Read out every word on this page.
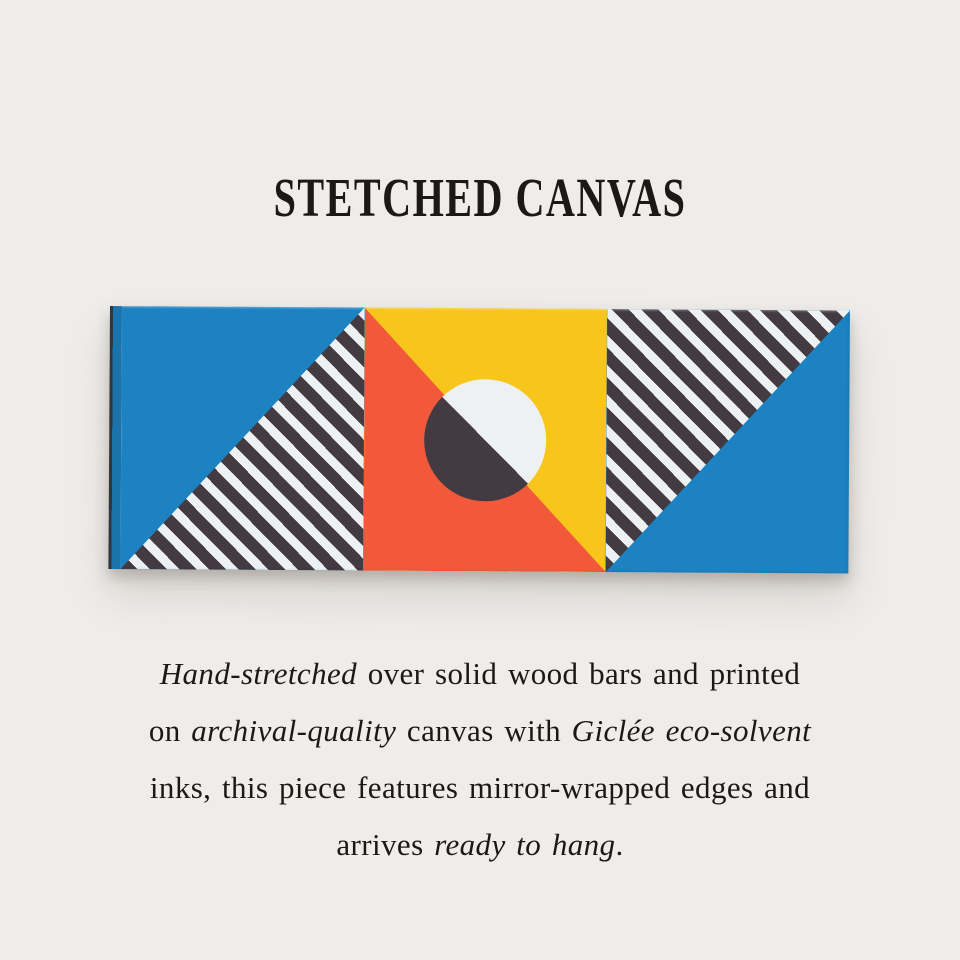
STETCHED CANVAS

Hand-stretched over solid wood bars and printed

on archival-quality canvas with Giclée eco-solvent

inks, this piece features mirror-wrapped edges and

arrives ready to hang.
